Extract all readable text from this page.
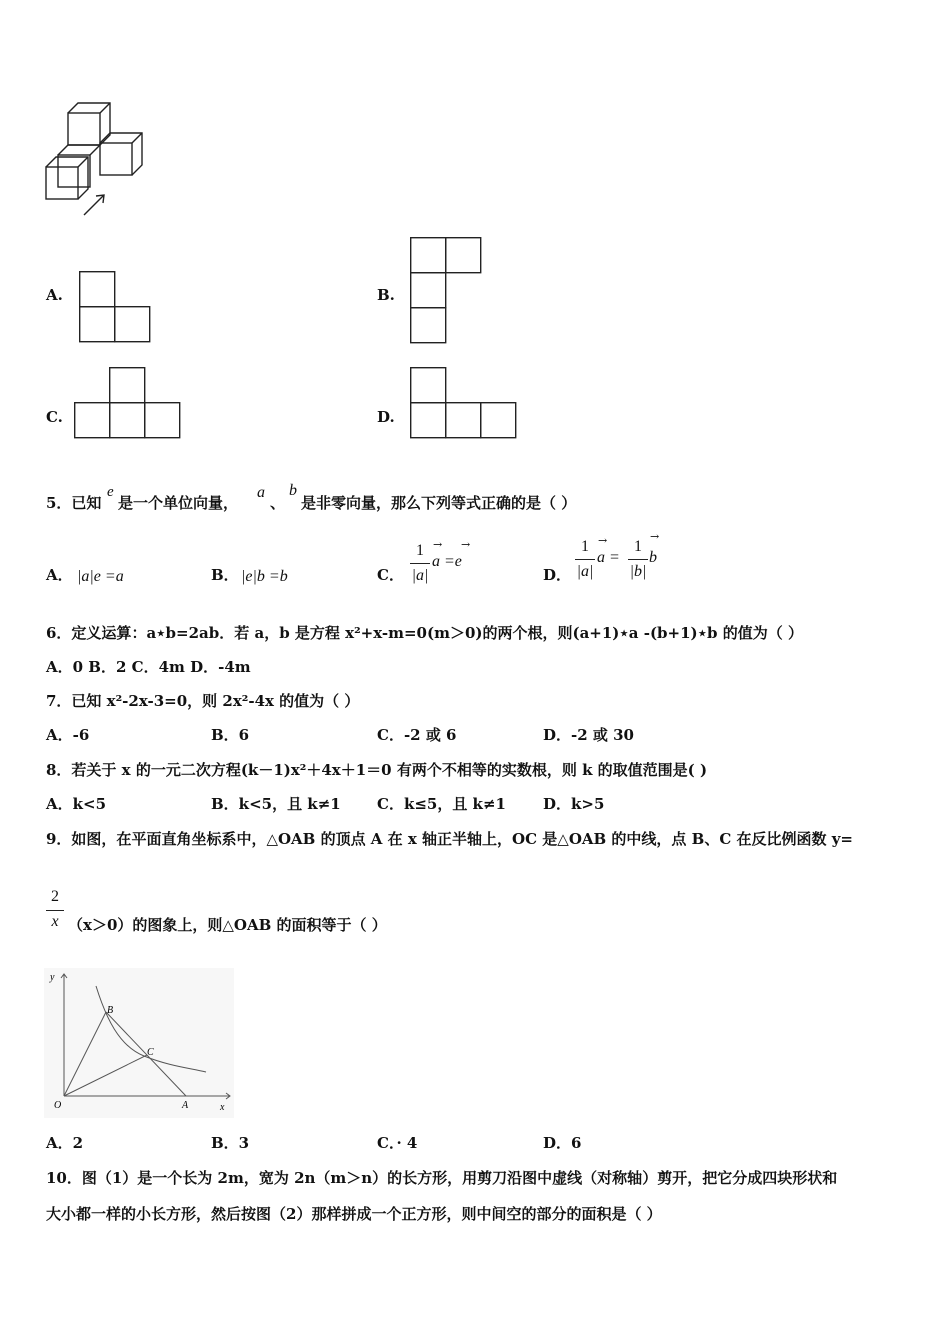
A.	B.
C.	D.
5．已知
e
是一个单位向量，
a
、
b
是非零向量，那么下列等式正确的是（ ）
A． |a|e =a	B． |e|b =b	C．
1
|a|
a =e
→ →
D．
1
|a|
a =
→	1
|b|
b
→
6．定义运算：a⋆b=2ab．若 a，b 是方程 x²+x-m=0(m＞0)的两个根，则(a+1)⋆a -(b+1)⋆b 的值为（ ）
A．0 B．2 C．4m D．-4m
7．已知 x²-2x-3=0，则 2x²-4x 的值为（ ）
A．-6	B．6	C．-2 或 6	D．-2 或 30
8．若关于 x 的一元二次方程(k－1)x²＋4x＋1＝0 有两个不相等的实数根，则 k 的取值范围是( )
A．k<5	B．k<5，且 k≠1 C．k≤5，且 k≠1 D．k>5
9．如图，在平面直角坐标系中，△OAB 的顶点 A 在 x 轴正半轴上，OC 是△OAB 的中线，点 B、C 在反比例函数 y=
2
x （x＞0）的图象上，则△OAB 的面积等于（ ）
y
x
O	A
B
C
A．2	B．3	C．· 4	D．6
10．图（1）是一个长为 2m，宽为 2n（m＞n）的长方形，用剪刀沿图中虚线（对称轴）剪开，把它分成四块形状和
大小都一样的小长方形，然后按图（2）那样拼成一个正方形，则中间空的部分的面积是（ ）
